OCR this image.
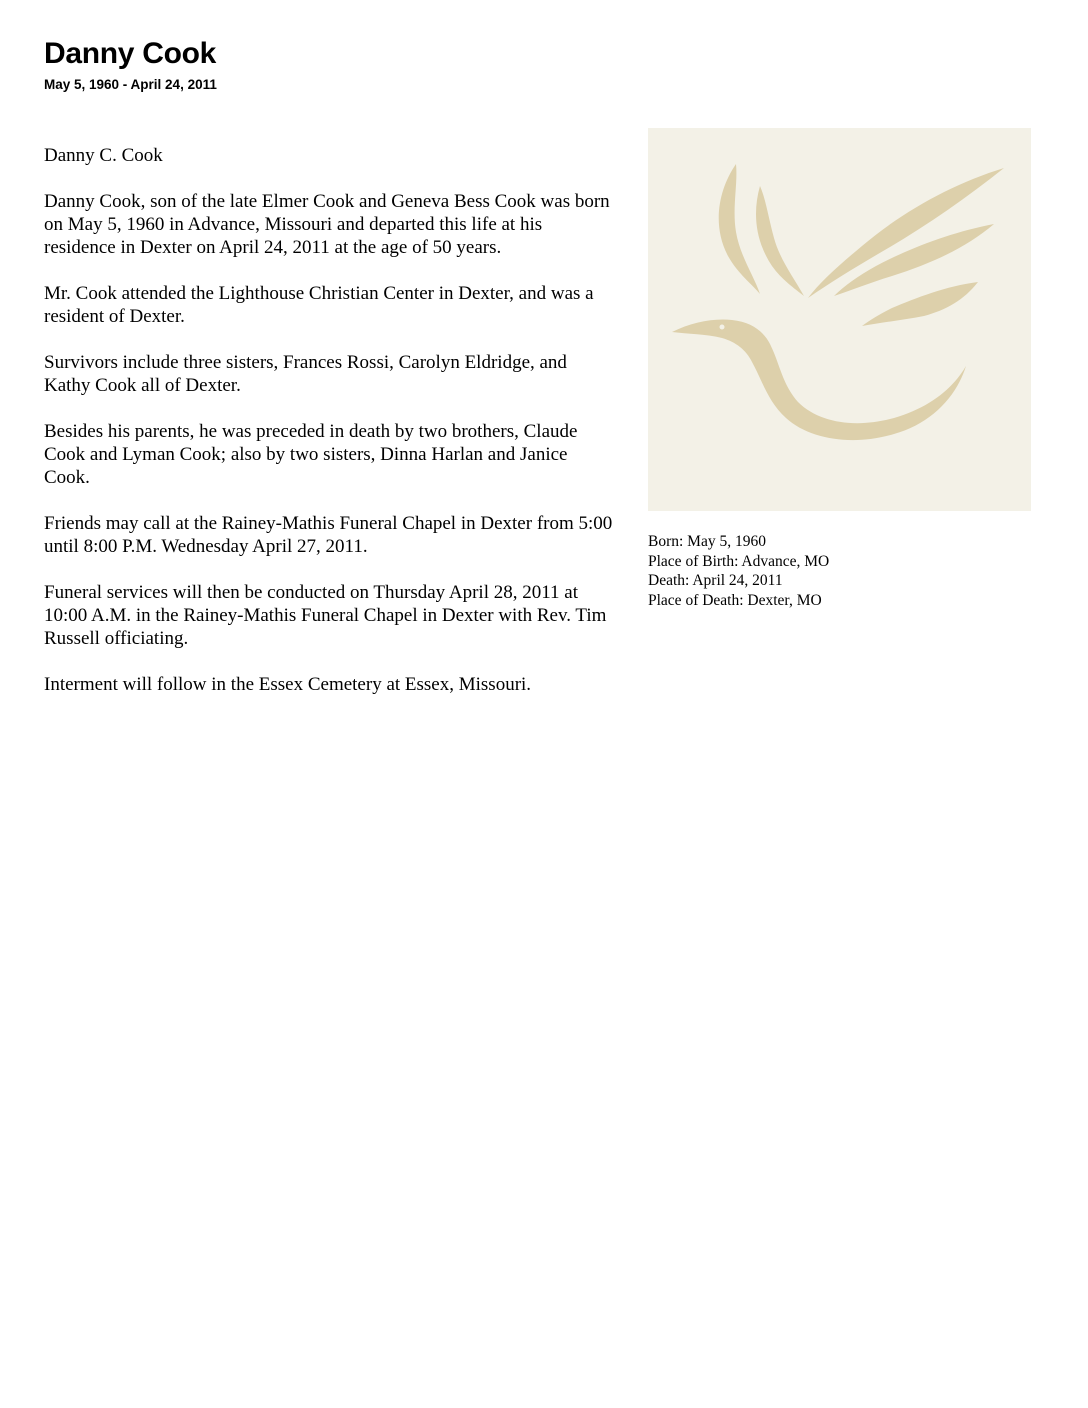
Danny Cook
May 5, 1960 - April 24, 2011

Danny C. Cook

Danny Cook, son of the late Elmer Cook and Geneva Bess Cook was born on May 5, 1960 in Advance, Missouri and departed this life at his residence in Dexter on April 24, 2011 at the age of 50 years.

Mr. Cook attended the Lighthouse Christian Center in Dexter, and was a resident of Dexter.

Survivors include three sisters, Frances Rossi, Carolyn Eldridge, and Kathy Cook all of Dexter.

Besides his parents, he was preceded in death by two brothers, Claude Cook and Lyman Cook; also by two sisters, Dinna Harlan and Janice Cook.

Friends may call at the Rainey-Mathis Funeral Chapel in Dexter from 5:00 until 8:00 P.M. Wednesday April 27, 2011.

Funeral services will then be conducted on Thursday April 28, 2011 at 10:00 A.M. in the Rainey-Mathis Funeral Chapel in Dexter with Rev. Tim Russell officiating.

Interment will follow in the Essex Cemetery at Essex, Missouri.

Born: May 5, 1960
Place of Birth: Advance, MO
Death: April 24, 2011
Place of Death: Dexter, MO
